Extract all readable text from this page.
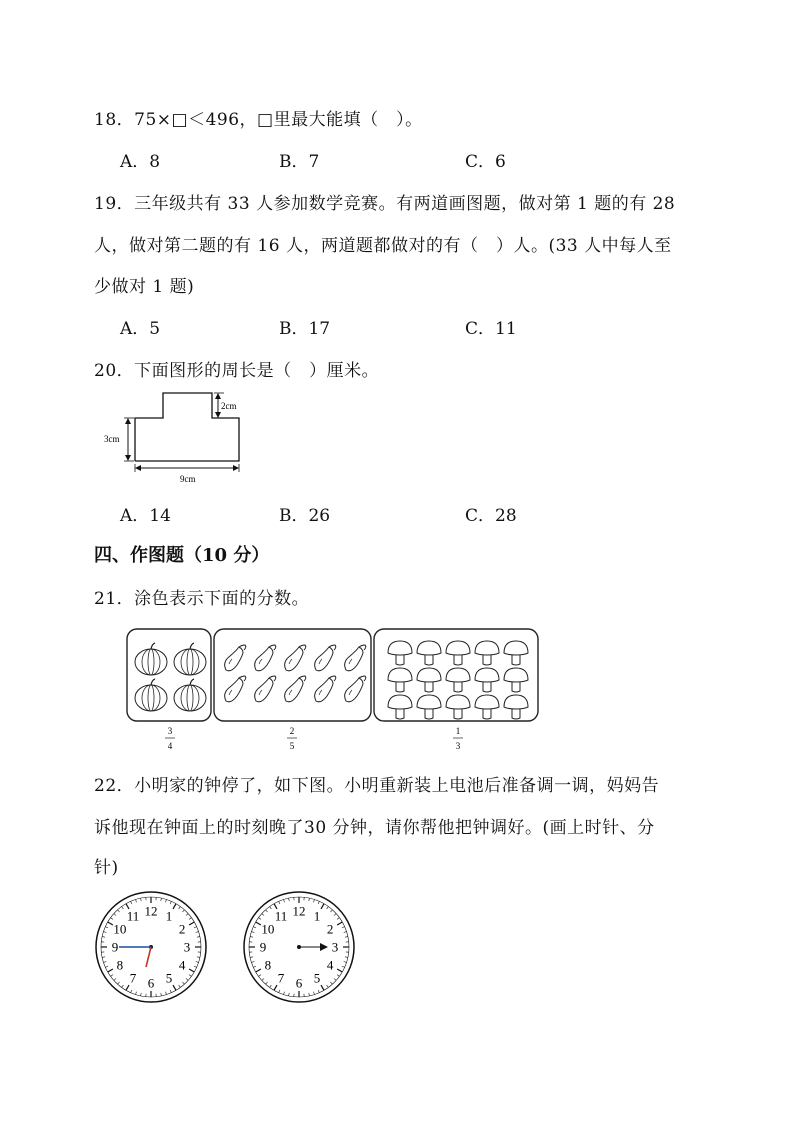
18．75×□＜496，□里最大能填（　）。
A．8	B．7	C．6
19．三年级共有 33 人参加数学竞赛。有两道画图题，做对第 1 题的有 28
人，做对第二题的有 16 人，两道题都做对的有（　）人。(33 人中每人至
少做对 1 题)
A．5	B．17	C．11
20．下面图形的周长是（　）厘米。
2cm
3cm
9cm
A．14	B．26	C．28
四、作图题（10 分）
21．涂色表示下面的分数。
3
4
2
5
1
3
22．小明家的钟停了，如下图。小明重新装上电池后准备调一调，妈妈告
诉他现在钟面上的时刻晚了30 分钟，请你帮他把钟调好。(画上时针、分
针)
12 1
2
3
4
5
6
7
8
9
10
11	12 1
2
3
4
5
6
7
8
9
10
11
